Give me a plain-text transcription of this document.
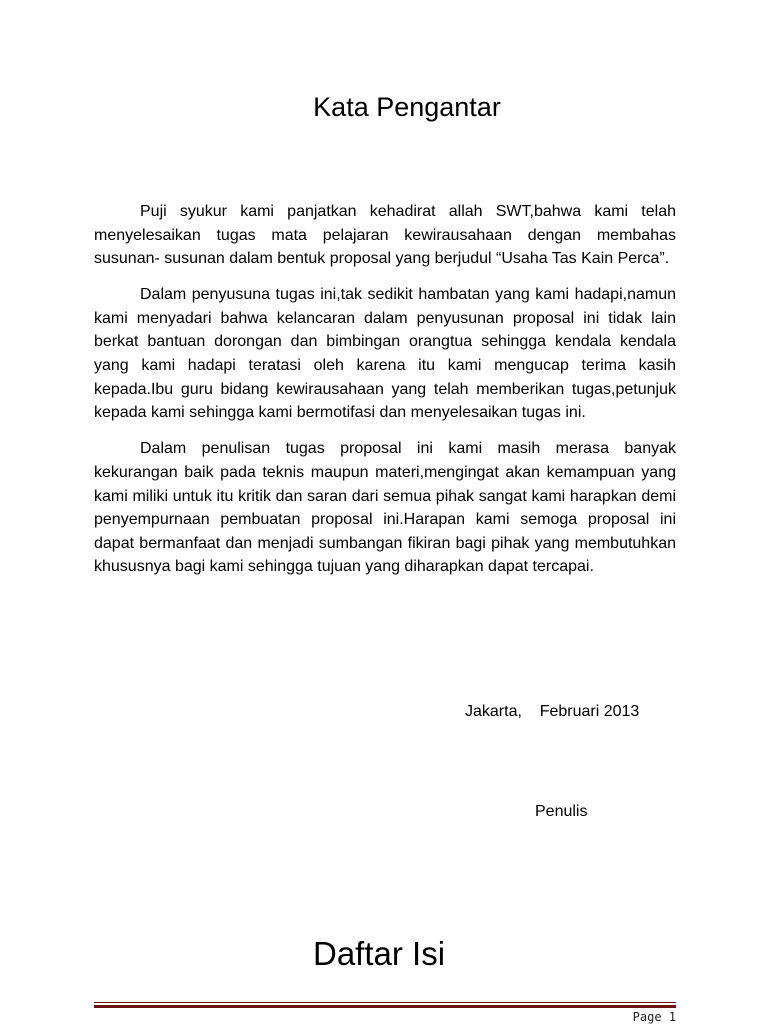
Kata Pengantar

Puji syukur kami panjatkan kehadirat allah SWT,bahwa kami telah menyelesaikan tugas mata pelajaran kewirausahaan dengan membahas susunan- susunan dalam bentuk proposal yang berjudul “Usaha Tas Kain Perca”.

Dalam penyusuna tugas ini,tak sedikit hambatan yang kami hadapi,namun kami menyadari bahwa kelancaran dalam penyusunan proposal ini tidak lain berkat bantuan dorongan dan bimbingan orangtua sehingga kendala kendala yang kami hadapi teratasi oleh karena itu kami mengucap terima kasih kepada.Ibu guru bidang kewirausahaan yang telah memberikan tugas,petunjuk kepada kami sehingga kami bermotifasi dan menyelesaikan tugas ini.

Dalam penulisan tugas proposal ini kami masih merasa banyak kekurangan baik pada teknis maupun materi,mengingat akan kemampuan yang kami miliki untuk itu kritik dan saran dari semua pihak sangat kami harapkan demi penyempurnaan pembuatan proposal ini.Harapan kami semoga proposal ini dapat bermanfaat dan menjadi sumbangan fikiran bagi pihak yang membutuhkan khususnya bagi kami sehingga tujuan yang diharapkan dapat tercapai.

Jakarta,    Februari 2013
Penulis
Daftar Isi
Page 1
